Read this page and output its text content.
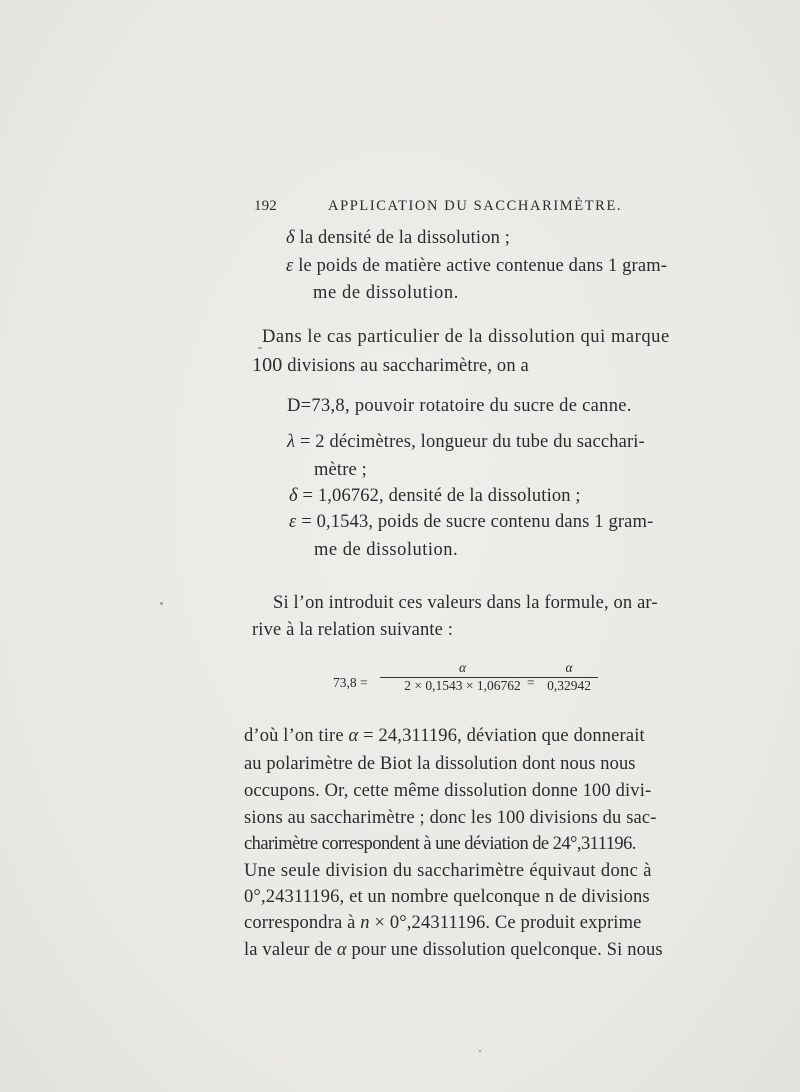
192	APPLICATION DU SACCHARIMÈTRE.
δ la densité de la dissolution ;
ε le poids de matière active contenue dans 1 gram-
me de dissolution.
Dans le cas particulier de la dissolution qui marque
100 divisions au saccharimètre, on a
D=73,8, pouvoir rotatoire du sucre de canne.
λ = 2 décimètres, longueur du tube du sacchari-
mètre ;
δ = 1,06762, densité de la dissolution ;
ε = 0,1543, poids de sucre contenu dans 1 gram-
me de dissolution.
Si l’on introduit ces valeurs dans la formule, on ar-
rive à la relation suivante :
73,8 =
α
2 × 0,1543 × 1,06762 =
α
0,32942
d’où l’on tire α = 24,311196, déviation que donnerait
au polarimètre de Biot la dissolution dont nous nous
occupons. Or, cette même dissolution donne 100 divi-
sions au saccharimètre ; donc les 100 divisions du sac-
charimètre correspondent à une déviation de 24°,311196.
Une seule division du saccharimètre équivaut donc à
0°,24311196, et un nombre quelconque n de divisions
correspondra à n × 0°,24311196. Ce produit exprime
la valeur de α pour une dissolution quelconque. Si nous
